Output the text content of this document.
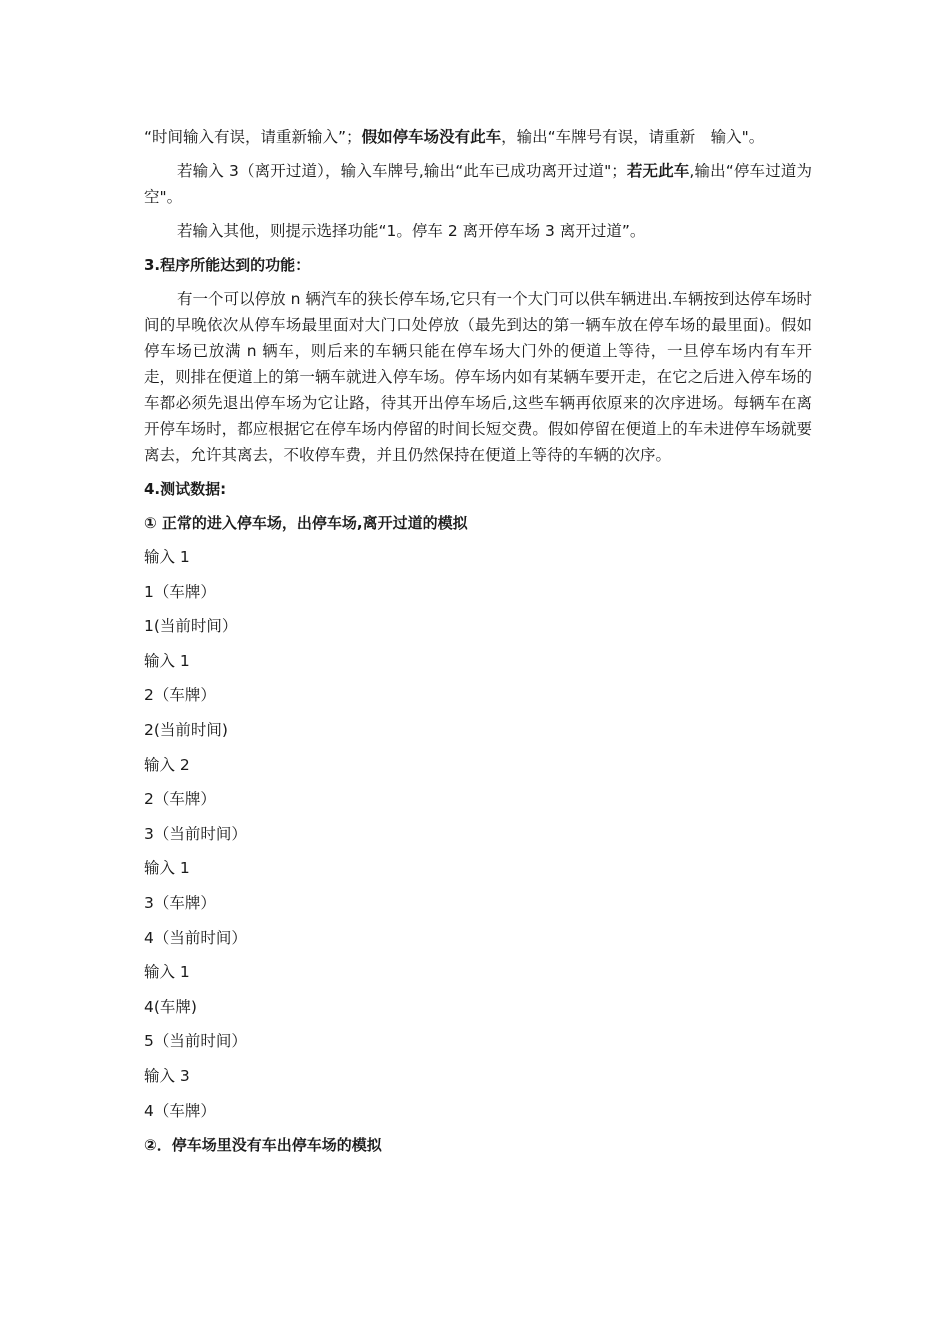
“时间输入有误，请重新输入”；假如停车场没有此车，输出“车牌号有误，请重新　输入"。

若输入 3（离开过道），输入车牌号,输出“此车已成功离开过道"；若无此车,输出“停车过道为空"。

若输入其他，则提示选择功能“1。停车 2 离开停车场 3 离开过道”。

3.程序所能达到的功能：

有一个可以停放 n 辆汽车的狭长停车场,它只有一个大门可以供车辆进出.车辆按到达停车场时间的早晚依次从停车场最里面对大门口处停放（最先到达的第一辆车放在停车场的最里面)。假如停车场已放满 n 辆车，则后来的车辆只能在停车场大门外的便道上等待，一旦停车场内有车开走，则排在便道上的第一辆车就进入停车场。停车场内如有某辆车要开走，在它之后进入停车场的车都必须先退出停车场为它让路，待其开出停车场后,这些车辆再依原来的次序进场。每辆车在离开停车场时，都应根据它在停车场内停留的时间长短交费。假如停留在便道上的车未进停车场就要离去，允许其离去，不收停车费，并且仍然保持在便道上等待的车辆的次序。

4.测试数据:
① 正常的进入停车场，出停车场,离开过道的模拟
输入 1
1（车牌）
1(当前时间）
输入 1
2（车牌）
2(当前时间)
输入 2
2（车牌）
3（当前时间）
输入 1
3（车牌）
4（当前时间）
输入 1
4(车牌)
5（当前时间）
输入 3
4（车牌）
②．停车场里没有车出停车场的模拟
